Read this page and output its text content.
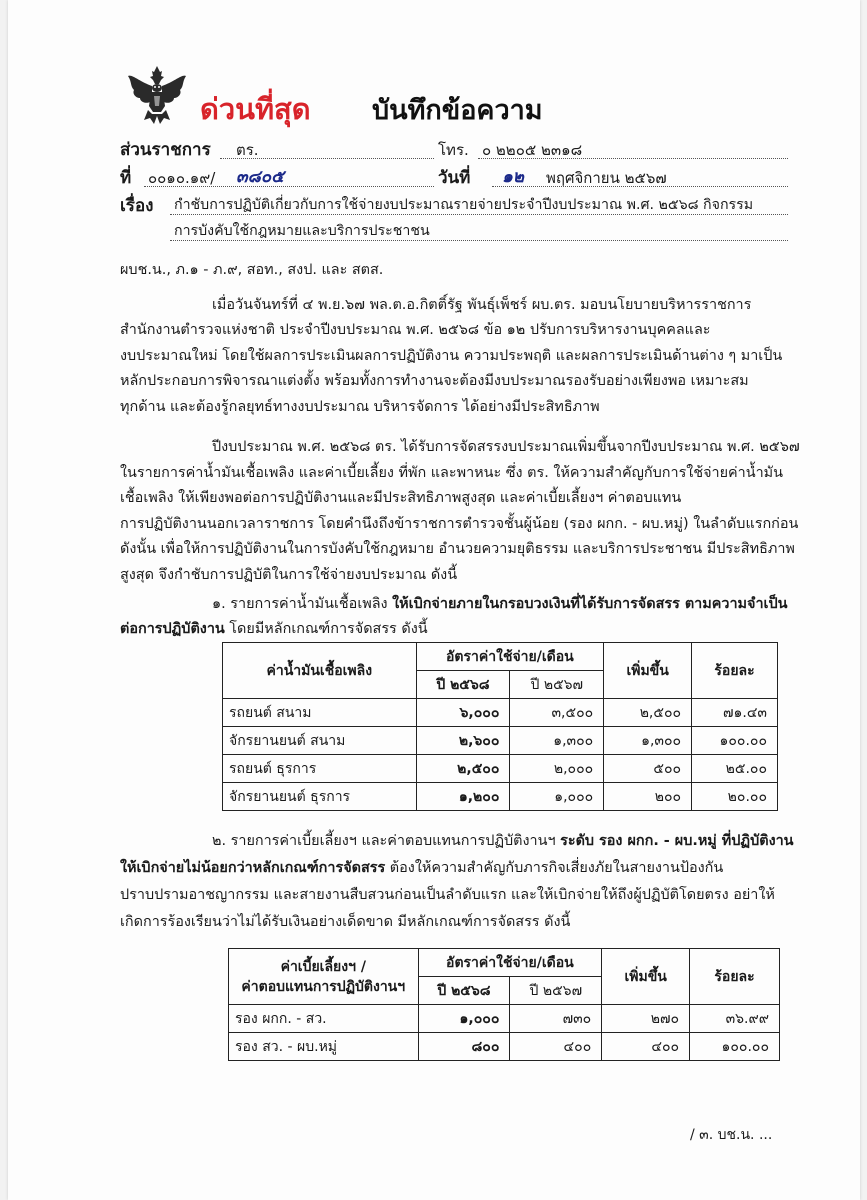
ด่วนที่สุด บันทึกข้อความ
ส่วนราชการ ตร.	โทร. ๐ ๒๒๐๕ ๒๓๑๘
ที่ ๐๐๑๐.๑๙/ ๓๘๐๕	วันที่ ๑๒ พฤศจิกายน ๒๕๖๗
เรื่อง กำชับการปฏิบัติเกี่ยวกับการใช้จ่ายงบประมาณรายจ่ายประจำปีงบประมาณ พ.ศ. ๒๕๖๘ กิจกรรม
การบังคับใช้กฎหมายและบริการประชาชน
ผบช.น., ภ.๑ - ภ.๙, สอท., สงป. และ สตส.
เมื่อวันจันทร์ที่ ๔ พ.ย.๖๗ พล.ต.อ.กิตติ์รัฐ พันธุ์เพ็ชร์ ผบ.ตร. มอบนโยบายบริหารราชการ
สำนักงานตำรวจแห่งชาติ ประจำปีงบประมาณ พ.ศ. ๒๕๖๘ ข้อ ๑๒ ปรับการบริหารงานบุคคลและ
งบประมาณใหม่ โดยใช้ผลการประเมินผลการปฏิบัติงาน ความประพฤติ และผลการประเมินด้านต่าง ๆ มาเป็น
หลักประกอบการพิจารณาแต่งตั้ง พร้อมทั้งการทำงานจะต้องมีงบประมาณรองรับอย่างเพียงพอ เหมาะสม
ทุกด้าน และต้องรู้กลยุทธ์ทางงบประมาณ บริหารจัดการ ได้อย่างมีประสิทธิภาพ
ปีงบประมาณ พ.ศ. ๒๕๖๘ ตร. ได้รับการจัดสรรงบประมาณเพิ่มขึ้นจากปีงบประมาณ พ.ศ. ๒๕๖๗
ในรายการค่าน้ำมันเชื้อเพลิง และค่าเบี้ยเลี้ยง ที่พัก และพาหนะ ซึ่ง ตร. ให้ความสำคัญกับการใช้จ่ายค่าน้ำมัน
เชื้อเพลิง ให้เพียงพอต่อการปฏิบัติงานและมีประสิทธิภาพสูงสุด และค่าเบี้ยเลี้ยงฯ ค่าตอบแทน
การปฏิบัติงานนอกเวลาราชการ โดยคำนึงถึงข้าราชการตำรวจชั้นผู้น้อย (รอง ผกก. - ผบ.หมู่) ในลำดับแรกก่อน
ดังนั้น เพื่อให้การปฏิบัติงานในการบังคับใช้กฎหมาย อำนวยความยุติธรรม และบริการประชาชน มีประสิทธิภาพ
สูงสุด จึงกำชับการปฏิบัติในการใช้จ่ายงบประมาณ ดังนี้
๑. รายการค่าน้ำมันเชื้อเพลิง ให้เบิกจ่ายภายในกรอบวงเงินที่ได้รับการจัดสรร ตามความจำเป็น
ต่อการปฏิบัติงาน โดยมีหลักเกณฑ์การจัดสรร ดังนี้
ค่าน้ำมันเชื้อเพลิง	อัตราค่าใช้จ่าย/เดือน		เพิ่มขึ้น	ร้อยละ
	ปี ๒๕๖๘	ปี ๒๕๖๗		
รถยนต์ สนาม	๖,๐๐๐	๓,๕๐๐	๒,๕๐๐	๗๑.๔๓
จักรยานยนต์ สนาม	๒,๖๐๐	๑,๓๐๐	๑,๓๐๐	๑๐๐.๐๐
รถยนต์ ธุรการ	๒,๕๐๐	๒,๐๐๐	๕๐๐	๒๕.๐๐
จักรยานยนต์ ธุรการ	๑,๒๐๐	๑,๐๐๐	๒๐๐	๒๐.๐๐
๒. รายการค่าเบี้ยเลี้ยงฯ และค่าตอบแทนการปฏิบัติงานฯ ระดับ รอง ผกก. - ผบ.หมู่ ที่ปฏิบัติงาน
ให้เบิกจ่ายไม่น้อยกว่าหลักเกณฑ์การจัดสรร ต้องให้ความสำคัญกับภารกิจเสี่ยงภัยในสายงานป้องกัน
ปราบปรามอาชญากรรม และสายงานสืบสวนก่อนเป็นลำดับแรก และให้เบิกจ่ายให้ถึงผู้ปฏิบัติโดยตรง อย่าให้
เกิดการร้องเรียนว่าไม่ได้รับเงินอย่างเด็ดขาด มีหลักเกณฑ์การจัดสรร ดังนี้
ค่าเบี้ยเลี้ยงฯ /
ค่าตอบแทนการปฏิบัติงานฯ	อัตราค่าใช้จ่าย/เดือน		เพิ่มขึ้น	ร้อยละ
	ปี ๒๕๖๘	ปี ๒๕๖๗		
รอง ผกก. - สว.	๑,๐๐๐	๗๓๐	๒๗๐	๓๖.๙๙
รอง สว. - ผบ.หมู่	๘๐๐	๔๐๐	๔๐๐	๑๐๐.๐๐
/ ๓. บช.น. ...
